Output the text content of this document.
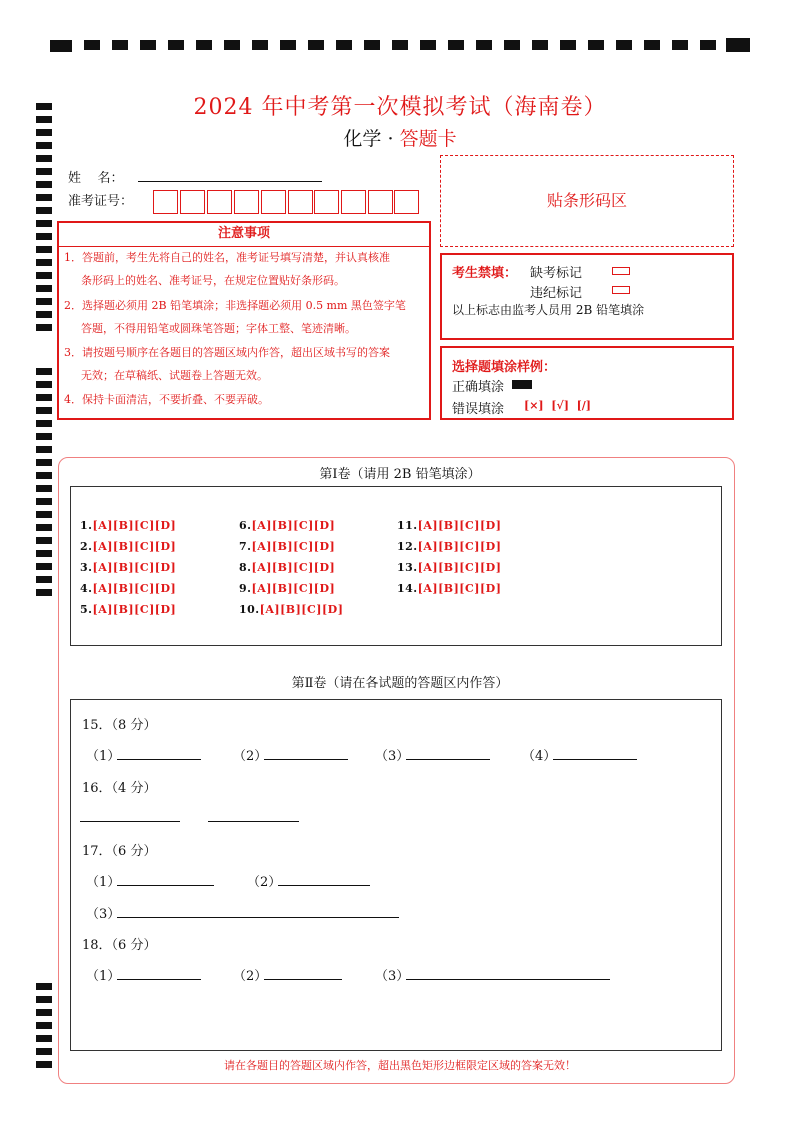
2024 年中考第一次模拟考试（海南卷）
化学 · 答题卡
姓    名：
准考证号：	贴条形码区
注意事项
1．答题前，考生先将自己的姓名，准考证号填写清楚，并认真核准
条形码上的姓名、准考证号，在规定位置贴好条形码。
2．选择题必须用 2B 铅笔填涂；非选择题必须用 0.5 mm 黑色签字笔
答题，不得用铅笔或圆珠笔答题；字体工整、笔迹清晰。
3．请按题号顺序在各题目的答题区域内作答，超出区域书写的答案
无效；在草稿纸、试题卷上答题无效。
4．保持卡面清洁，不要折叠、不要弄破。
考生禁填： 缺考标记
违纪标记
以上标志由监考人员用 2B 铅笔填涂
选择题填涂样例：
正确填涂
错误填涂 [×]  [√]  [/]
第Ⅰ卷（请用 2B 铅笔填涂）
1.[A][B][C][D]
2.[A][B][C][D]
3.[A][B][C][D]
4.[A][B][C][D]
5.[A][B][C][D]
6.[A][B][C][D]
7.[A][B][C][D]
8.[A][B][C][D]
9.[A][B][C][D]
10.[A][B][C][D]
11.[A][B][C][D]
12.[A][B][C][D]
13.[A][B][C][D]
14.[A][B][C][D]
第Ⅱ卷（请在各试题的答题区内作答）
15．（8 分）
（1）	（2）	（3）	（4）
16．（4 分）
17．（6 分）
（1）	（2）
（3）
18．（6 分）
（1）	（2）	（3）
请在各题目的答题区域内作答，超出黑色矩形边框限定区域的答案无效！
